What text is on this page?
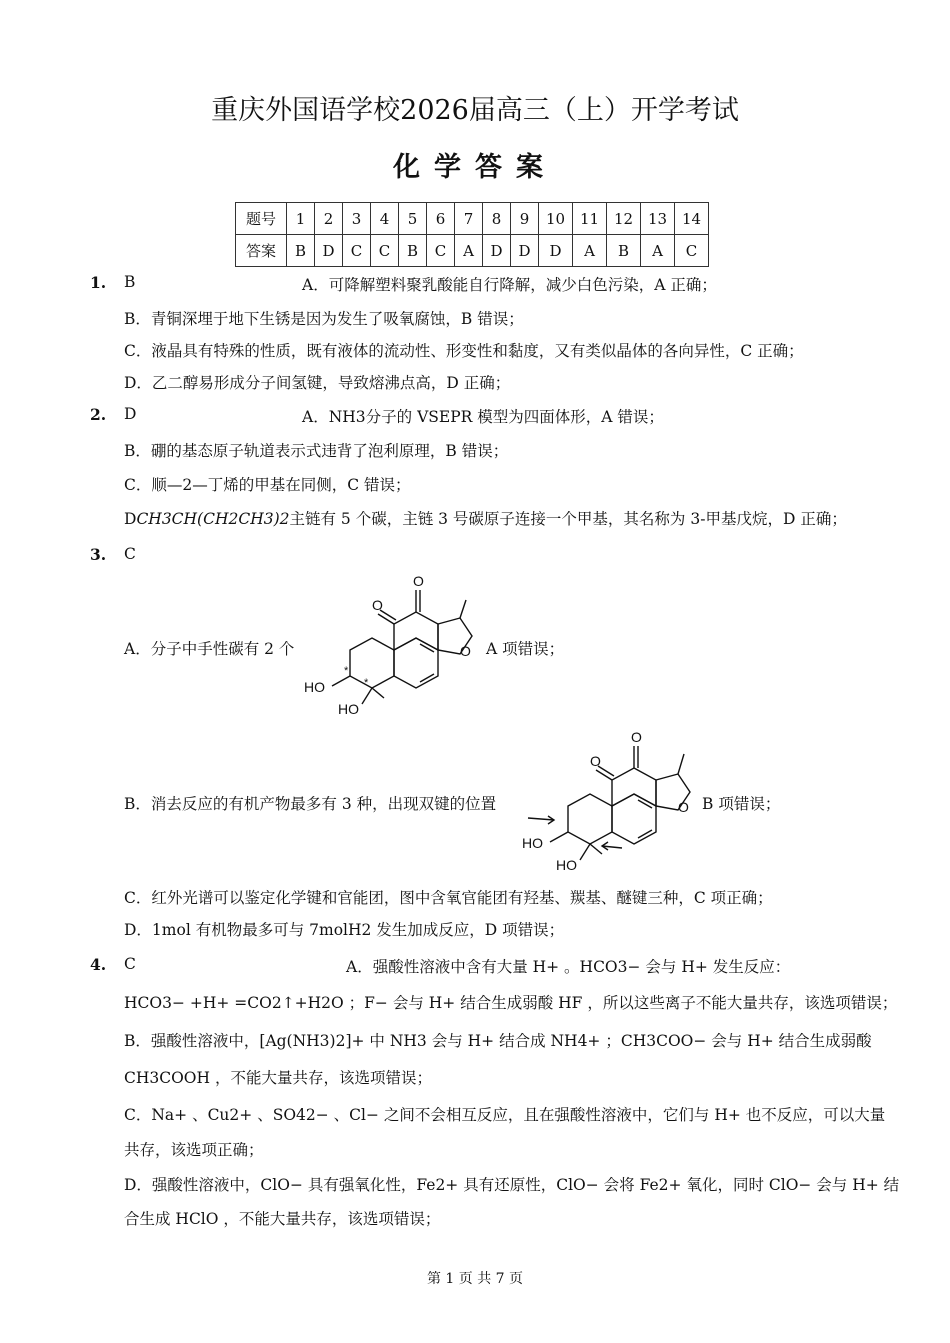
重庆外国语学校2026届高三（上）开学考试
化学答案
题号	1	2	3	4	5	6	7	8	9	10	11	12	13	14
答案	B	D	C	C	B	C	A	D	D	D	A	B	A	C
1. B	A．可降解塑料聚乳酸能自行降解，减少白色污染，A 正确；
B．青铜深埋于地下生锈是因为发生了吸氧腐蚀，B 错误；
C．液晶具有特殊的性质，既有液体的流动性、形变性和黏度，又有类似晶体的各向异性，C 正确；
D．乙二醇易形成分子间氢键，导致熔沸点高，D 正确；
2. D	A．NH3分子的 VSEPR 模型为四面体形，A 错误；
B．硼的基态原子轨道表示式违背了泡利原理，B 错误；
C．顺—2—丁烯的甲基在同侧，C 错误；
DCH3CH(CH2CH3)2主链有 5 个碳，主链 3 号碳原子连接一个甲基，其名称为 3-甲基戊烷，D 正确；
3. C
A．分子中手性碳有 2 个
O
O
O
HO
HO
*
*
A 项错误；
B．消去反应的有机产物最多有 3 种，出现双键的位置
O
O
O
HO
HO
B 项错误；
C．红外光谱可以鉴定化学键和官能团，图中含氧官能团有羟基、羰基、醚键三种，C 项正确；
D．1mol 有机物最多可与 7molH2 发生加成反应，D 项错误；
4. C	A．强酸性溶液中含有大量 H+ 。HCO3− 会与 H+ 发生反应：
HCO3− +H+ =CO2↑+H2O ；F− 会与 H+ 结合生成弱酸 HF ，所以这些离子不能大量共存，该选项错误；
B．强酸性溶液中，[Ag(NH3)2]+ 中 NH3 会与 H+ 结合成 NH4+ ；CH3COO− 会与 H+ 结合生成弱酸
CH3COOH ，不能大量共存，该选项错误；
C．Na+ 、Cu2+ 、SO42− 、Cl− 之间不会相互反应，且在强酸性溶液中，它们与 H+ 也不反应，可以大量
共存，该选项正确；
D．强酸性溶液中，ClO− 具有强氧化性，Fe2+ 具有还原性，ClO− 会将 Fe2+ 氧化，同时 ClO− 会与 H+ 结
合生成 HClO ，不能大量共存，该选项错误；
第 1 页 共 7 页
